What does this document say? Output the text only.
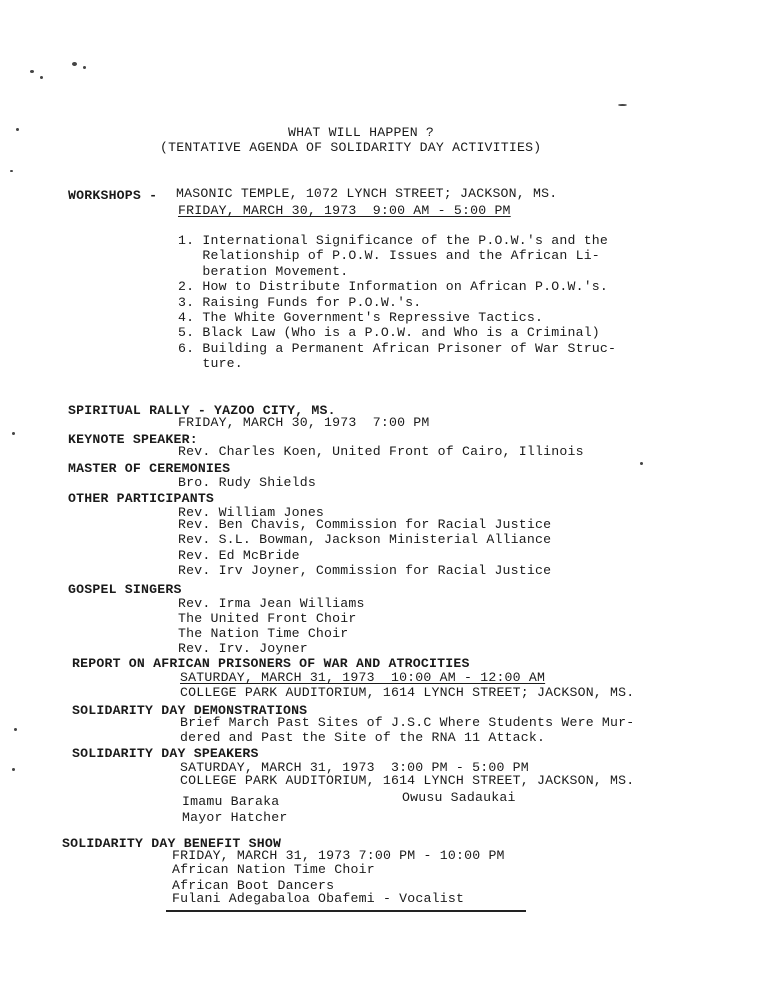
WHAT WILL HAPPEN ?
(TENTATIVE AGENDA OF SOLIDARITY DAY ACTIVITIES)
WORKSHOPS - MASONIC TEMPLE, 1072 LYNCH STREET; JACKSON, MS.
FRIDAY, MARCH 30, 1973  9:00 AM - 5:00 PM
1. International Significance of the P.O.W.'s and the
Relationship of P.O.W. Issues and the African Li-
beration Movement.
2. How to Distribute Information on African P.O.W.'s.
3. Raising Funds for P.O.W.'s.
4. The White Government's Repressive Tactics.
5. Black Law (Who is a P.O.W. and Who is a Criminal)
6. Building a Permanent African Prisoner of War Struc-
ture.
SPIRITUAL RALLY - YAZOO CITY, MS.
FRIDAY, MARCH 30, 1973  7:00 PM
KEYNOTE SPEAKER:
Rev. Charles Koen, United Front of Cairo, Illinois
MASTER OF CEREMONIES
Bro. Rudy Shields
OTHER PARTICIPANTS
Rev. William Jones
Rev. Ben Chavis, Commission for Racial Justice
Rev. S.L. Bowman, Jackson Ministerial Alliance
Rev. Ed McBride
Rev. Irv Joyner, Commission for Racial Justice
GOSPEL SINGERS
Rev. Irma Jean Williams
The United Front Choir
The Nation Time Choir
Rev. Irv. Joyner
REPORT ON AFRICAN PRISONERS OF WAR AND ATROCITIES
SATURDAY, MARCH 31, 1973  10:00 AM - 12:00 AM
COLLEGE PARK AUDITORIUM, 1614 LYNCH STREET; JACKSON, MS.
SOLIDARITY DAY DEMONSTRATIONS
Brief March Past Sites of J.S.C Where Students Were Mur-
dered and Past the Site of the RNA 11 Attack.
SOLIDARITY DAY SPEAKERS
SATURDAY, MARCH 31, 1973  3:00 PM - 5:00 PM
COLLEGE PARK AUDITORIUM, 1614 LYNCH STREET, JACKSON, MS.
Imamu Baraka	Owusu Sadaukai
Mayor Hatcher
SOLIDARITY DAY BENEFIT SHOW
FRIDAY, MARCH 31, 1973 7:00 PM - 10:00 PM
African Nation Time Choir
African Boot Dancers
Fulani Adegabaloa Obafemi - Vocalist
